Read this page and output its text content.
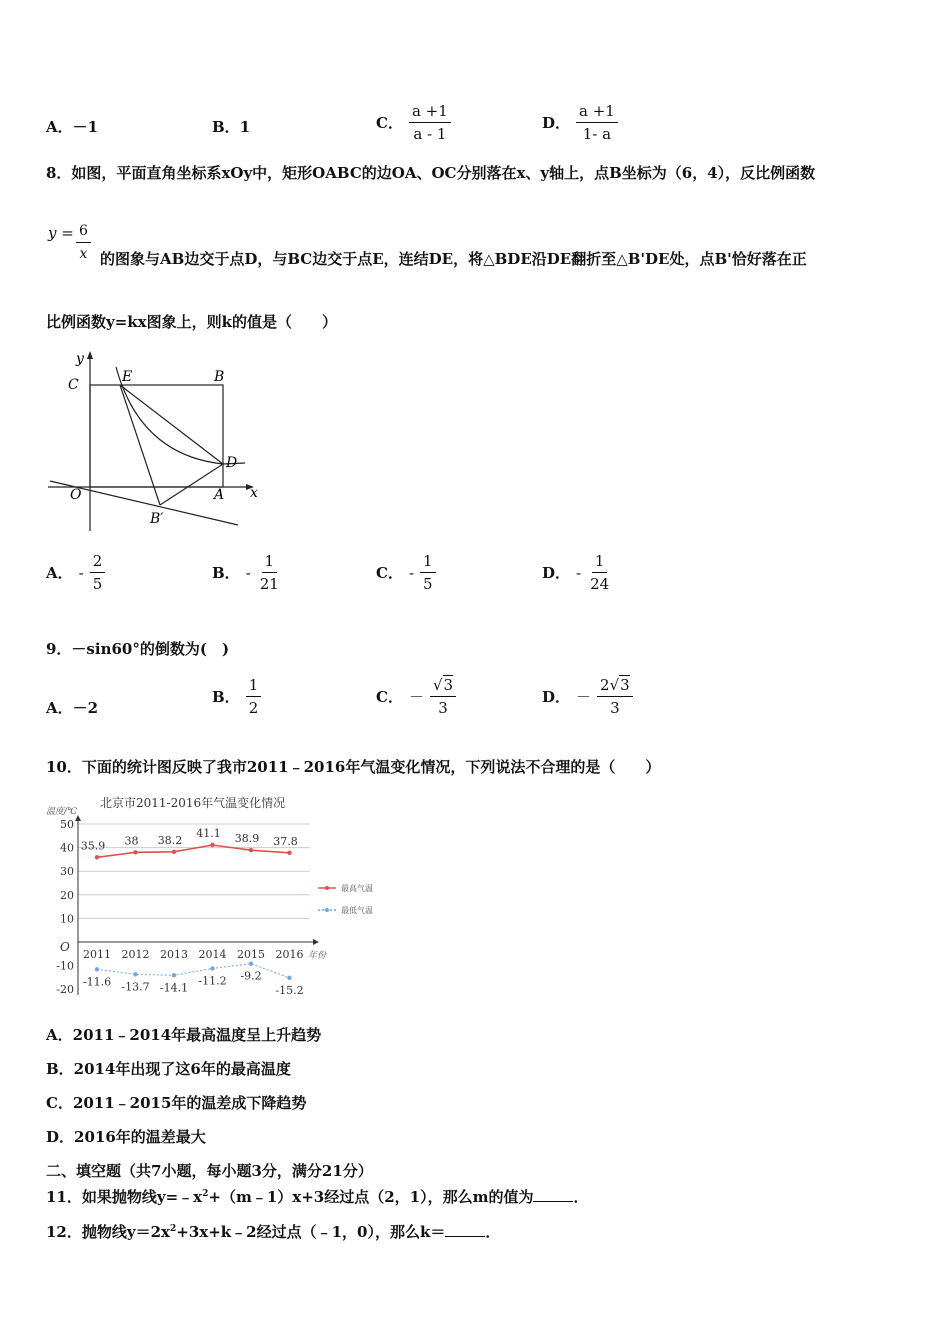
A． －1	B． 1	C． $\frac{a +1}{a - 1}$	D． $\frac{a +1}{1- a}$
8．如图，平面直角坐标系xOy中，矩形OABC的边OA、OC分别落在x、y轴上，点B坐标为（6，4），反比例函数
$y = \frac{6}{x}$ 的图象与AB边交于点D，与BC边交于点E，连结DE，将△BDE沿DE翻折至△B'DE处，点B'恰好落在正
比例函数y=kx图象上，则k的值是（　　）
y
x
C	E	B
D
O	A
B′
A． - $\frac{2}{5}$	B． - $\frac{1}{21}$	C． - $\frac{1}{5}$	D． - $\frac{1}{24}$
9．－sin60°的倒数为(　)
A． －2
B． $\frac{1}{2}$	C． － $\frac{√3}{3}$	D． － $\frac{2√3}{3}$
10．下面的统计图反映了我市2011﹣2016年气温变化情况，下列说法不合理的是（　　）
北京市2011-2016年气温变化情况
温度/℃
O
年份
50
40
30
20
10
-10
-20
2011 2012 2013 2014 2015 2016
35.9 38 38.2
41.1 38.9 37.8
-11.6 -13.7 -14.1
-11.2 -9.2
-15.2
最高气温
最低气温
A．2011﹣2014年最高温度呈上升趋势
B．2014年出现了这6年的最高温度
C．2011﹣2015年的温差成下降趋势
D．2016年的温差最大
二、填空题（共7小题，每小题3分，满分21分）
11．如果抛物线$y=﹣x^2+(m﹣1)x+3$经过点（2，1），那么m的值为	．
12．抛物线$y=2x^2+3x+k﹣2$经过点（﹣1，0），那么k＝	．
